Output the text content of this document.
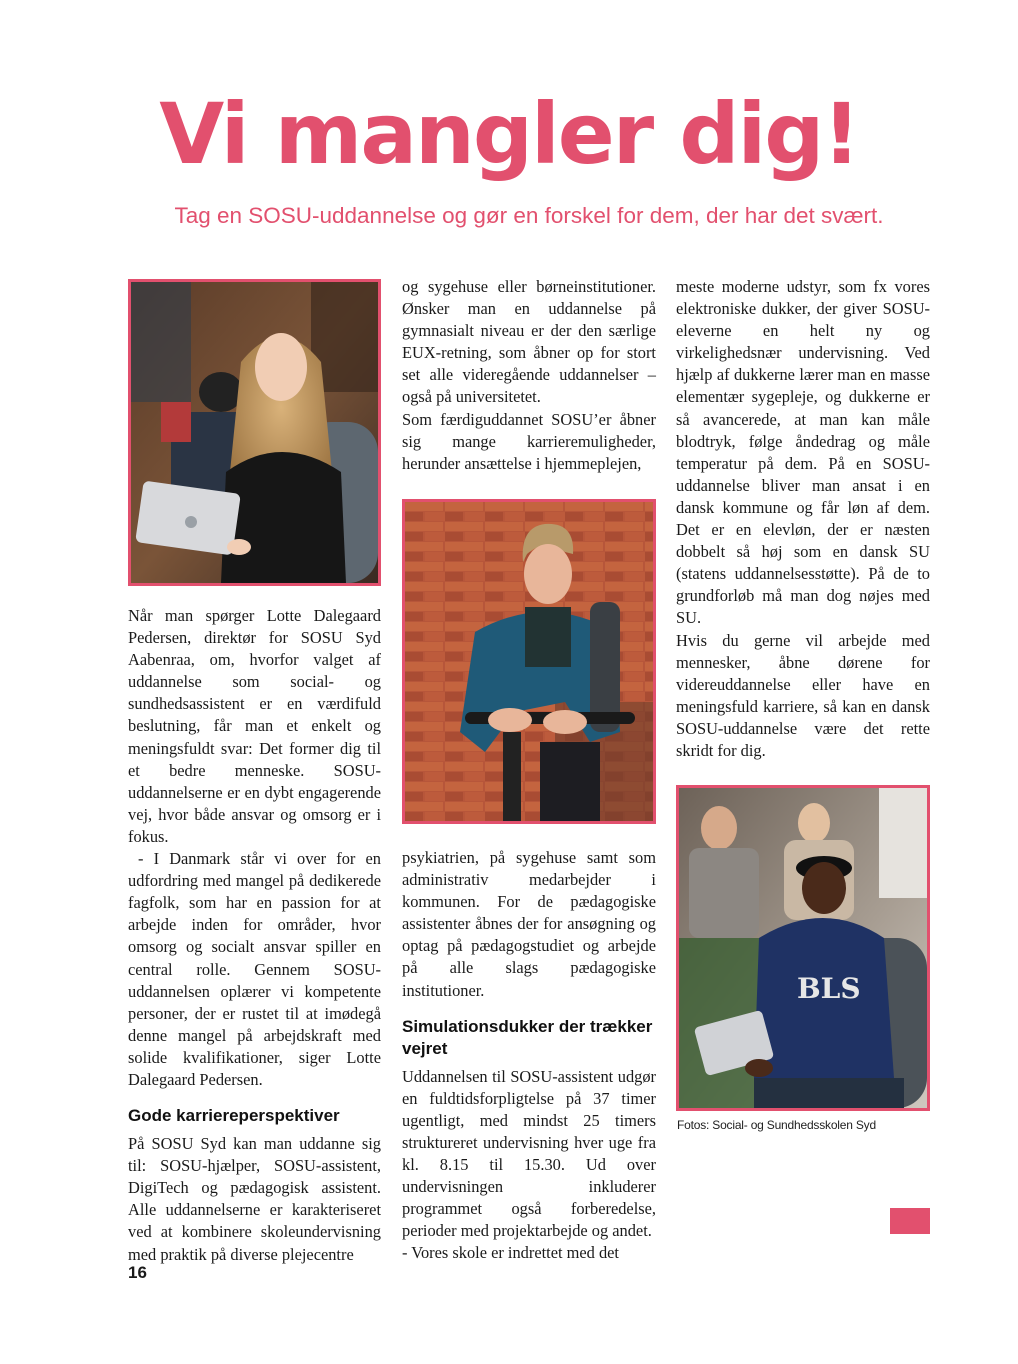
Vi mangler dig!
Tag en SOSU-uddannelse og gør en forskel for dem, der har det svært.

Når man spørger Lotte Dalegaard Pedersen, direktør for SOSU Syd Aabenraa, om, hvorfor valget af uddannelse som social- og sundhedsassistent er en værdifuld beslutning, får man et enkelt og meningsfuldt svar: Det former dig til et bedre menneske. SOSU-uddannelserne er en dybt engagerende vej, hvor både ansvar og omsorg er i fokus.

- I Danmark står vi over for en udfordring med mangel på dedikerede fagfolk, som har en passion for at arbejde inden for områder, hvor omsorg og socialt ansvar spiller en central rolle. Gennem SOSU-uddannelsen oplærer vi kompetente personer, der er rustet til at imødegå denne mangel på arbejdskraft med solide kvalifikationer, siger Lotte Dalegaard Pedersen.

Gode karriereperspektiver

På SOSU Syd kan man uddanne sig til: SOSU-hjælper, SOSU-assistent, DigiTech og pædagogisk assistent. Alle uddannelserne er karakteriseret ved at kombinere skoleundervisning med praktik på diverse plejecentre

og sygehuse eller børneinstitutioner. Ønsker man en uddannelse på gymnasialt niveau er der den særlige EUX-retning, som åbner op for stort set alle videregående uddannelser – også på universitetet.

Som færdiguddannet SOSU’er åbner sig mange karrieremuligheder, herunder ansættelse i hjemmeplejen,

psykiatrien, på sygehuse samt som administrativ medarbejder i kommunen. For de pædagogiske assistenter åbnes der for ansøgning og optag på pædagogstudiet og arbejde på alle slags pædagogiske institutioner.

Simulationsdukker der trækker vejret

Uddannelsen til SOSU-assistent udgør en fuldtidsforpligtelse på 37 timer ugentligt, med mindst 25 timers struktureret undervisning hver uge fra kl. 8.15 til 15.30. Ud over undervisningen inkluderer programmet også forberedelse, perioder med projektarbejde og andet.

- Vores skole er indrettet med det

meste moderne udstyr, som fx vores elektroniske dukker, der giver SOSU-eleverne en helt ny og virkelighedsnær undervisning. Ved hjælp af dukkerne lærer man en masse elementær sygepleje, og dukkerne er så avancerede, at man kan måle blodtryk, følge åndedrag og måle temperatur på dem. På en SOSU-uddannelse bliver man ansat i en dansk kommune og får løn af dem. Det er en elevløn, der er næsten dobbelt så høj som en dansk SU (statens uddannelsesstøtte). På de to grundforløb må man dog nøjes med SU.

Hvis du gerne vil arbejde med mennesker, åbne dørene for videreuddannelse eller have en meningsfuld karriere, så kan en dansk SOSU-uddannelse være det rette skridt for dig.

BLS
Fotos: Social- og Sundhedsskolen Syd
16
